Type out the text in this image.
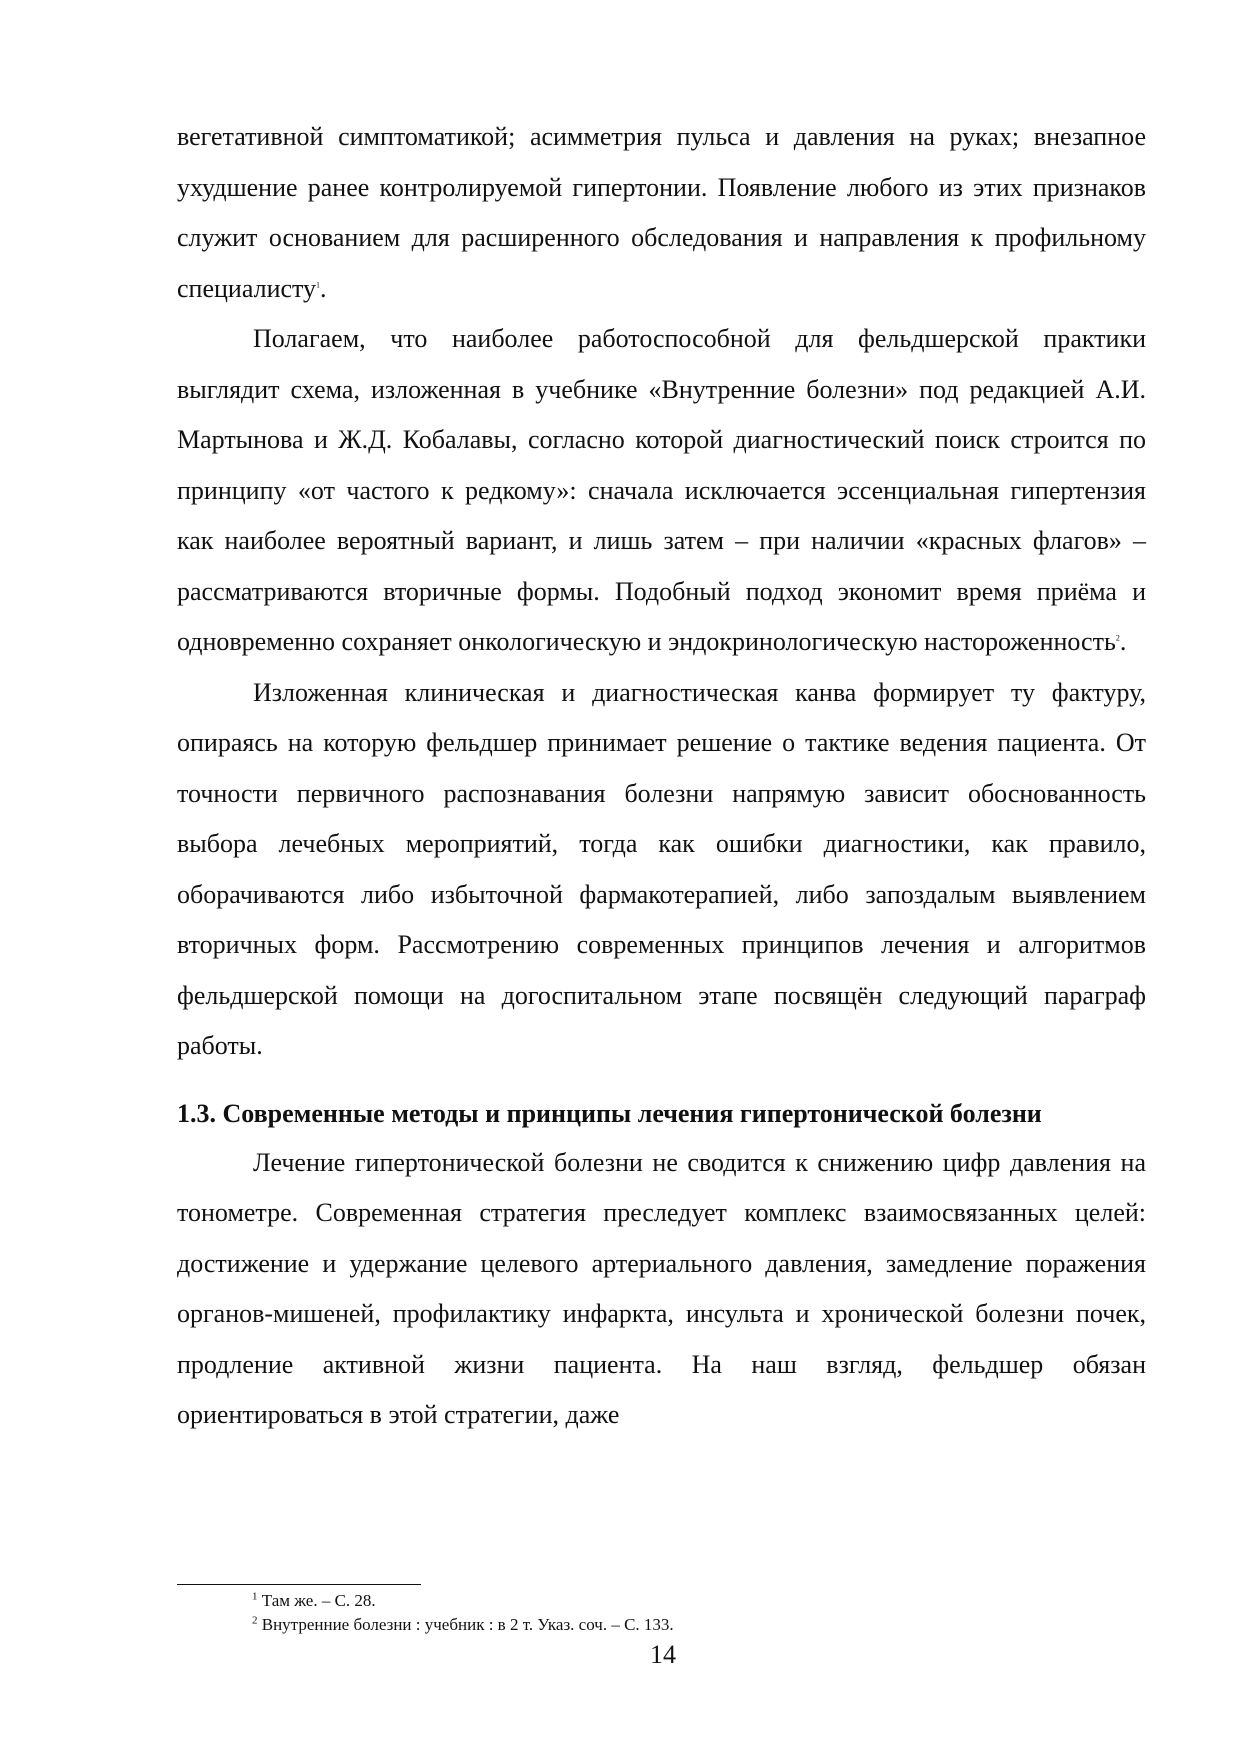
вегетативной симптоматикой; асимметрия пульса и давления на руках; внезапное ухудшение ранее контролируемой гипертонии. Появление любого из этих признаков служит основанием для расширенного обследования и направления к профильному специалисту$^1$.

Полагаем, что наиболее работоспособной для фельдшерской практики выглядит схема, изложенная в учебнике «Внутренние болезни» под редакцией А.И. Мартынова и Ж.Д. Кобалавы, согласно которой диагностический поиск строится по принципу «от частого к редкому»: сначала исключается эссенциальная гипертензия как наиболее вероятный вариант, и лишь затем – при наличии «красных флагов» – рассматриваются вторичные формы. Подобный подход экономит время приёма и одновременно сохраняет онкологическую и эндокринологическую настороженность$^2$.

Изложенная клиническая и диагностическая канва формирует ту фактуру, опираясь на которую фельдшер принимает решение о тактике ведения пациента. От точности первичного распознавания болезни напрямую зависит обоснованность выбора лечебных мероприятий, тогда как ошибки диагностики, как правило, оборачиваются либо избыточной фармакотерапией, либо запоздалым выявлением вторичных форм. Рассмотрению современных принципов лечения и алгоритмов фельдшерской помощи на догоспитальном этапе посвящён следующий параграф работы.

1.3. Современные методы и принципы лечения гипертонической болезни

Лечение гипертонической болезни не сводится к снижению цифр давления на тонометре. Современная стратегия преследует комплекс взаимосвязанных целей: достижение и удержание целевого артериального давления, замедление поражения органов-мишеней, профилактику инфаркта, инсульта и хронической болезни почек, продление активной жизни пациента. На наш взгляд, фельдшер обязан ориентироваться в этой стратегии, даже

$^1$ Там же. – С. 28.

$^2$ Внутренние болезни : учебник : в 2 т. Указ. соч. – С. 133.

14
